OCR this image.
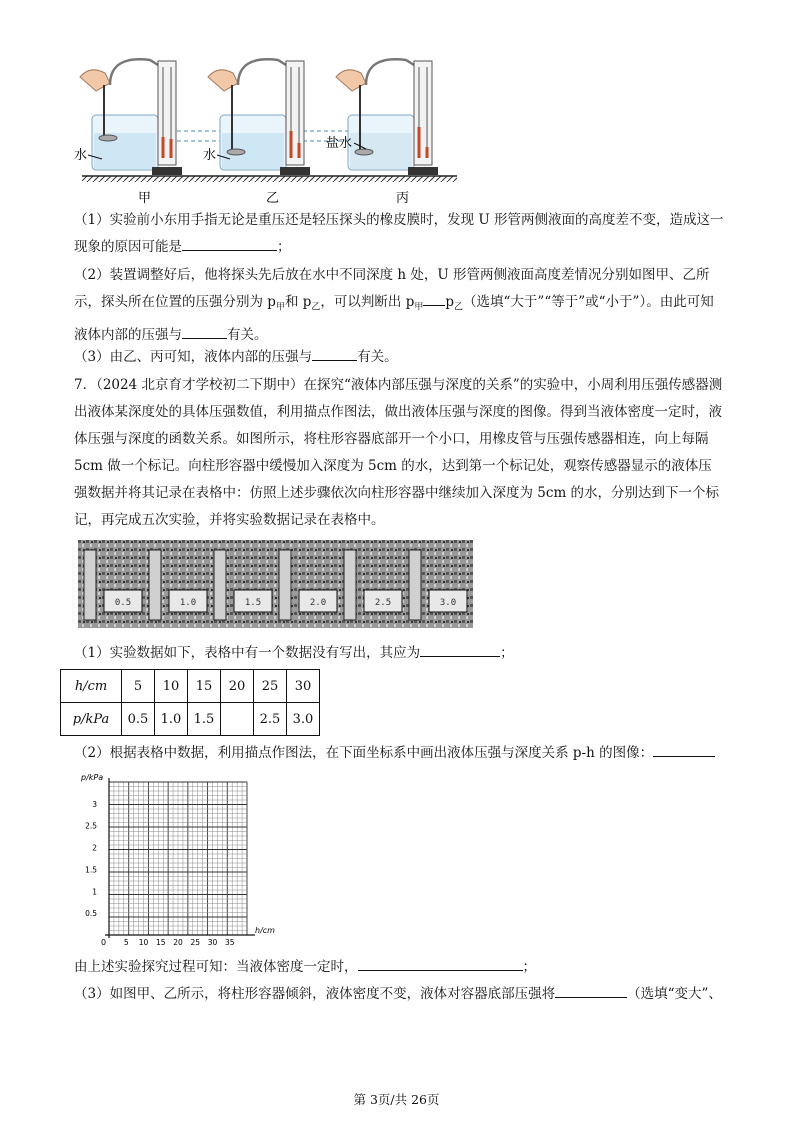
水	水
盐水
甲	乙	丙

（1）实验前小东用手指无论是重压还是轻压探头的橡皮膜时，发现 U 形管两侧液面的高度差不变，造成这一现象的原因可能是	；

（2）装置调整好后，他将探头先后放在水中不同深度 h 处，U 形管两侧液面高度差情况分别如图甲、乙所示，探头所在位置的压强分别为 $p_甲$和 $p_乙$，可以判断出 $p_甲$ $p_乙$（选填“大于”“等于”或“小于”）。由此可知液体内部的压强与	有关。

（3）由乙、丙可知，液体内部的压强与	有关。

7．（2024 北京育才学校初二下期中）在探究“液体内部压强与深度的关系”的实验中，小周利用压强传感器测出液体某深度处的具体压强数值，利用描点作图法，做出液体压强与深度的图像。得到当液体密度一定时，液体压强与深度的函数关系。如图所示，将柱形容器底部开一个小口，用橡皮管与压强传感器相连，向上每隔 5cm 做一个标记。向柱形容器中缓慢加入深度为 5cm 的水，达到第一个标记处，观察传感器显示的液体压强数据并将其记录在表格中：仿照上述步骤依次向柱形容器中继续加入深度为 5cm 的水，分别达到下一个标记，再完成五次实验，并将实验数据记录在表格中。

0.5	1.0	1.5	2.0	2.5	3.0

（1）实验数据如下，表格中有一个数据没有写出，其应为	；

h/cm	5	10	15	20	25	30
p/kPa	0.5	1.0	1.5		2.5	3.0

（2）根据表格中数据，利用描点作图法，在下面坐标系中画出液体压强与深度关系 p-h 的图像：

p/kPa
3
2.5
2
1.5
1
0.5
5 10 15 20 25 30 35
h/cm
0

由上述实验探究过程可知：当液体密度一定时，	；

（3）如图甲、乙所示，将柱形容器倾斜，液体密度不变，液体对容器底部压强将	（选填“变大”、

第 3页/共 26页
